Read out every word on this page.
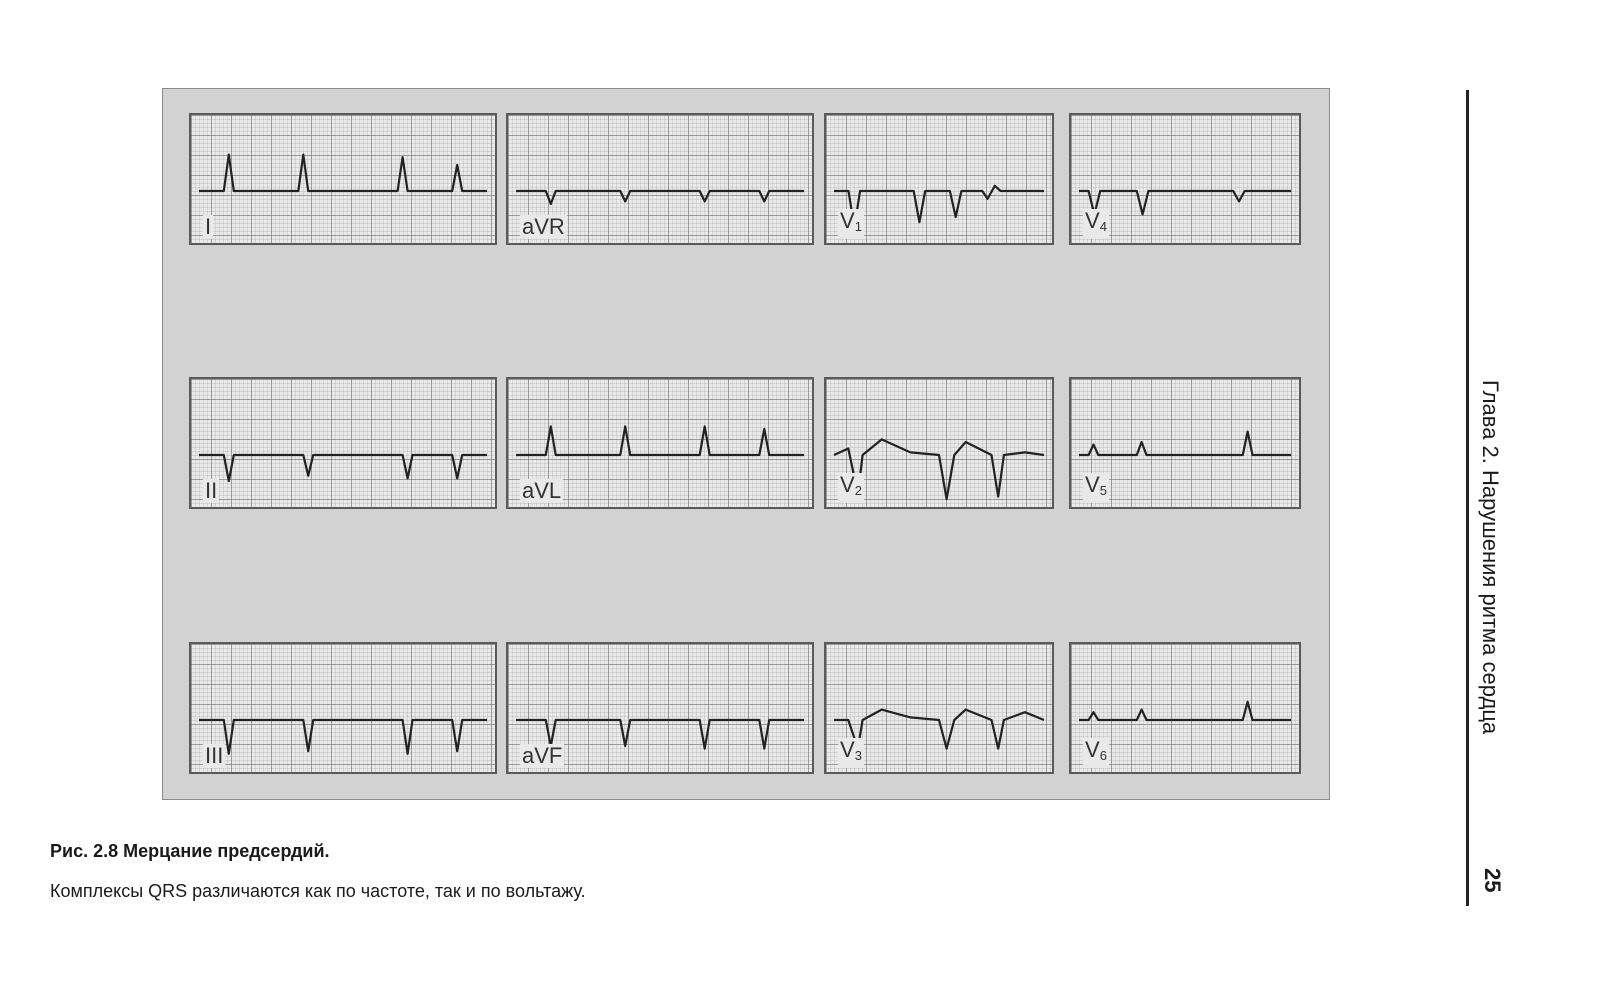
I	aVR	$V_1$	$V_4$
II	aVL	$V_2$	$V_5$
III	aVF	$V_3$	$V_6$

Рис. 2.8 Мерцание предсердий.

Комплексы QRS различаются как по частоте, так и по вольтажу.

Глава 2. Нарушения ритма сердца
25
